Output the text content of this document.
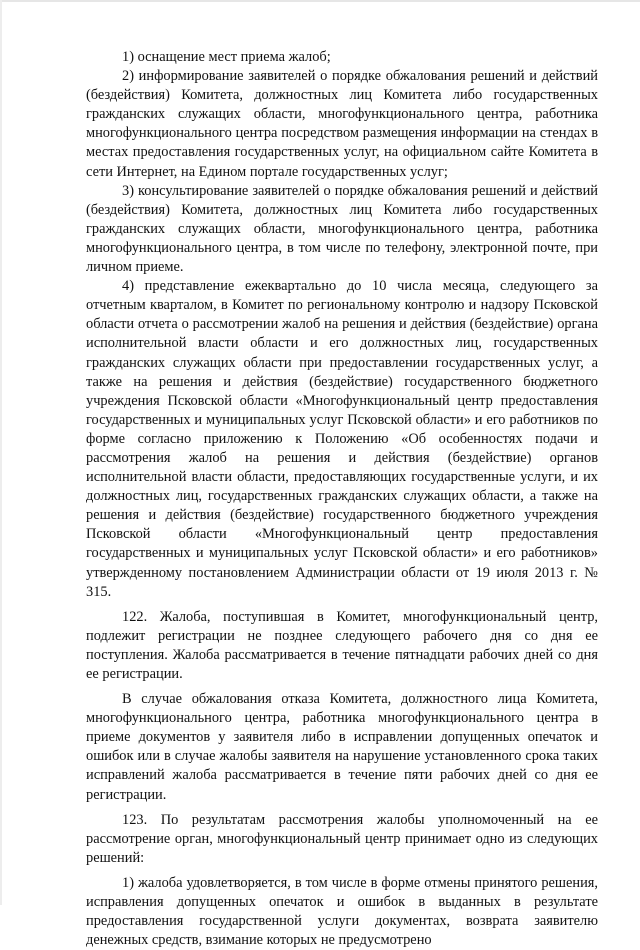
1) оснащение мест приема жалоб;

2) информирование заявителей о порядке обжалования решений и действий (бездействия) Комитета, должностных лиц Комитета либо государственных гражданских служащих области, многофункционального центра, работника многофункционального центра посредством размещения информации на стендах в местах предоставления государственных услуг, на официальном сайте Комитета в сети Интернет, на Едином портале государственных услуг;

3) консультирование заявителей о порядке обжалования решений и действий (бездействия) Комитета, должностных лиц Комитета либо государственных гражданских служащих области, многофункционального центра, работника многофункционального центра, в том числе по телефону, электронной почте, при личном приеме.

4) представление ежеквартально до 10 числа месяца, следующего за отчетным кварталом, в Комитет по региональному контролю и надзору Псковской области отчета о рассмотрении жалоб на решения и действия (бездействие) органа исполнительной власти области и его должностных лиц, государственных гражданских служащих области при предоставлении государственных услуг, а также на решения и действия (бездействие) государственного бюджетного учреждения Псковской области «Многофункциональный центр предоставления государственных и муниципальных услуг Псковской области» и его работников по форме согласно приложению к Положению «Об особенностях подачи и рассмотрения жалоб на решения и действия (бездействие) органов исполнительной власти области, предоставляющих государственные услуги, и их должностных лиц, государственных гражданских служащих области, а также на решения и действия (бездействие) государственного бюджетного учреждения Псковской области «Многофункциональный центр предоставления государственных и муниципальных услуг Псковской области» и его работников» утвержденному постановлением Администрации области от 19 июля 2013 г. № 315.

122. Жалоба, поступившая в Комитет, многофункциональный центр, подлежит регистрации не позднее следующего рабочего дня со дня ее поступления. Жалоба рассматривается в течение пятнадцати рабочих дней со дня ее регистрации.

В случае обжалования отказа Комитета, должностного лица Комитета, многофункционального центра, работника многофункционального центра в приеме документов у заявителя либо в исправлении допущенных опечаток и ошибок или в случае жалобы заявителя на нарушение установленного срока таких исправлений жалоба рассматривается в течение пяти рабочих дней со дня ее регистрации.

123. По результатам рассмотрения жалобы уполномоченный на ее рассмотрение орган, многофункциональный центр принимает одно из следующих решений:

1) жалоба удовлетворяется, в том числе в форме отмены принятого решения, исправления допущенных опечаток и ошибок в выданных в результате предоставления государственной услуги документах, возврата заявителю денежных средств, взимание которых не предусмотрено
